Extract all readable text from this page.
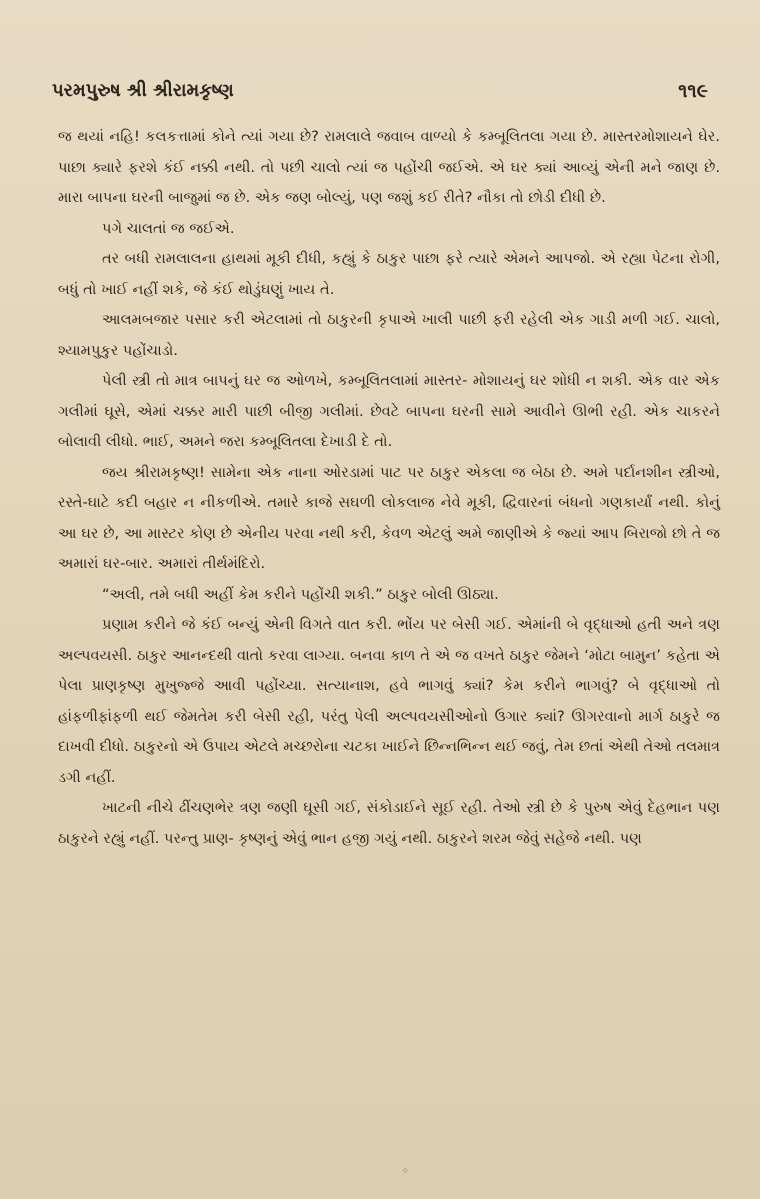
પરમપુરુષ શ્રી શ્રીરામકૃષ્ણ	૧૧૯

જ થયાં નહિ! કલકત્તામાં કોને ત્યાં ગયા છે? રામલાલે જવાબ વાળ્યો કે કમ્બૂલિતલા ગયા છે. માસ્તરમોશાયને ઘેર. પાછા ક્યારે ફરશે કંઈ નક્કી નથી. તો પછી ચાલો ત્યાં જ પહોંચી જઈએ. એ ઘર ક્યાં આવ્યું એની મને જાણ છે. મારા બાપના ઘરની બાજુમાં જ છે. એક જણ બોલ્યું, પણ જશું કઈ રીતે? નૌકા તો છોડી દીધી છે.

પગે ચાલતાં જ જઈએ.

તર બધી રામલાલના હાથમાં મૂકી દીધી, કહ્યું કે ઠાકુર પાછા ફરે ત્યારે એમને આપજો. એ રહ્યા પેટના રોગી, બધું તો ખાઈ નહીં શકે, જે કંઈ થોડુંઘણું ખાય તે.

આલમબજાર પસાર કરી એટલામાં તો ઠાકુરની કૃપાએ ખાલી પાછી ફરી રહેલી એક ગાડી મળી ગઈ. ચાલો, શ્યામપુકુર પહોંચાડો.

પેલી સ્ત્રી તો માત્ર બાપનું ઘર જ ઓળખે, કમ્બૂલિતલામાં માસ્તર- મોશાયનું ઘર શોધી ન શકી. એક વાર એક ગલીમાં ઘૂસે, એમાં ચક્કર મારી પાછી બીજી ગલીમાં. છેવટે બાપના ઘરની સામે આવીને ઊભી રહી. એક ચાકરને બોલાવી લીધો. ભાઈ, અમને જરા કમ્બૂલિતલા દેખાડી દે તો.

જય શ્રીરામકૃષ્ણ! સામેના એક નાના ઓરડામાં પાટ પર ઠાકુર એકલા જ બેઠા છે. અમે પર્દાનશીન સ્ત્રીઓ, રસ્તે-ઘાટે કદી બહાર ન નીકળીએ. તમારે કાજે સઘળી લોકલાજ નેવે મૂકી, દ્વિવારનાં બંધનો ગણકાર્યાં નથી. કોનું આ ઘર છે, આ માસ્ટર કોણ છે એનીય પરવા નથી કરી, કેવળ એટલું અમે જાણીએ કે જ્યાં આપ બિરાજો છો તે જ અમારાં ઘર-બાર. અમારાં તીર્થમંદિરો.

“અલી, તમે બધી અહીં કેમ કરીને પહોંચી શકી.” ઠાકુર બોલી ઊઠ્યા.

પ્રણામ કરીને જે કંઈ બન્યું એની વિગતે વાત કરી. ભોંય પર બેસી ગઈ. એમાંની બે વૃદ્ધાઓ હતી અને ત્રણ અલ્પવયસી. ઠાકુર આનન્દથી વાતો કરવા લાગ્યા. બનવા કાળ તે એ જ વખતે ઠાકુર જેમને ‘મોટા બામુન’ કહેતા એ પેલા પ્રાણકૃષ્ણ મુખુજ્જે આવી પહોંચ્યા. સત્યાનાશ, હવે ભાગવું ક્યાં? કેમ કરીને ભાગવું? બે વૃદ્ધાઓ તો હાંફળીફાંફળી થઈ જેમતેમ કરી બેસી રહી, પરંતુ પેલી અલ્પવયસીઓનો ઉગાર ક્યાં? ઊગરવાનો માર્ગ ઠાકુરે જ દાખવી દીધો. ઠાકુરનો એ ઉપાય એટલે મચ્છરોના ચટકા ખાઈને છિન્નભિન્ન થઈ જવું, તેમ છતાં એથી તેઓ તલમાત્ર ડગી નહીં.

ખાટની નીચે ઢીંચણભેર ત્રણ જણી ઘૂસી ગઈ, સંકોડાઈને સૂઈ રહી. તેઓ સ્ત્રી છે કે પુરુષ એવું દેહભાન પણ ઠાકુરને રહ્યું નહીં. પરન્તુ પ્રાણ- કૃષ્ણનું એવું ભાન હજી ગયું નથી. ઠાકુરને શરમ જેવું સહેજે નથી. પણ

✧
